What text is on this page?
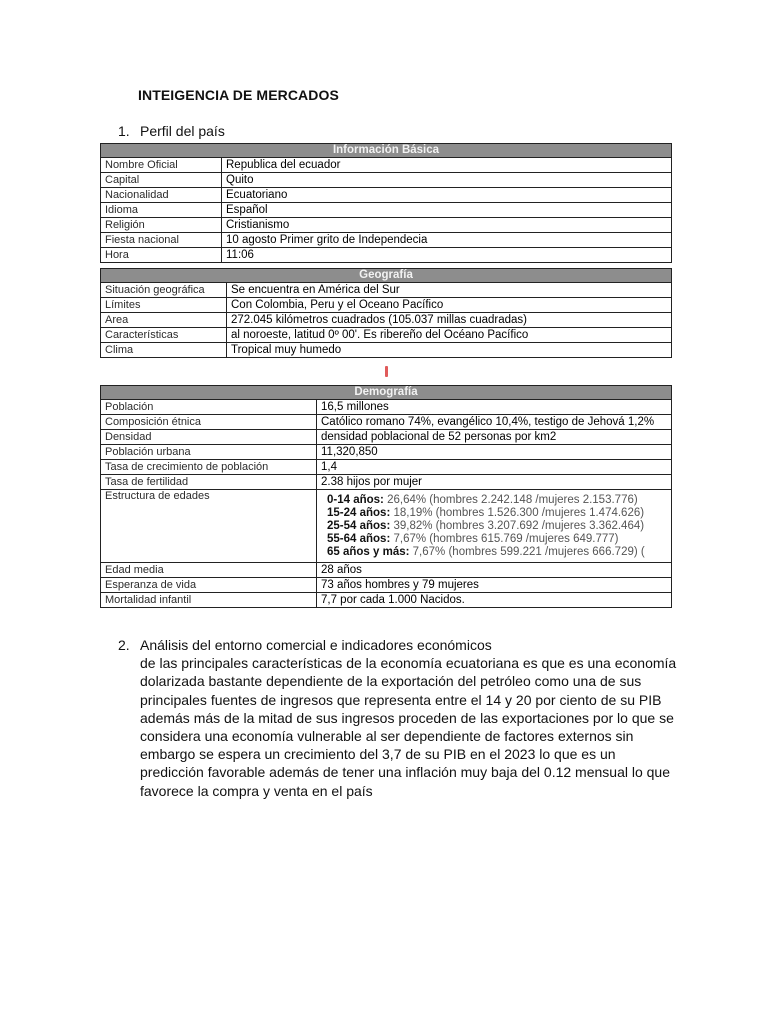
INTEIGENCIA DE MERCADOS
1. Perfil del país
Información Básica	
Nombre Oficial	Republica del ecuador
Capital	Quito
Nacionalidad	Ecuatoriano
Idioma	Español
Religión	Cristianismo
Fiesta nacional	10 agosto Primer grito de Independecia
Hora	11:06
Geografía	
Situación geográfica	Se encuentra en América del Sur
Límites	Con Colombia, Peru y el Oceano Pacífico
Area	272.045 kilómetros cuadrados (105.037 millas cuadradas)
Características	al noroeste, latitud 0º 00'. Es ribereño del Océano Pacífico
Clima	Tropical muy humedo
Demografía	
Población	16,5 millones
Composición étnica	Católico romano 74%, evangélico 10,4%, testigo de Jehová 1,2%
Densidad	densidad poblacional de 52 personas por km2
Población urbana	11,320,850
Tasa de crecimiento de población	1,4
Tasa de fertilidad	2.38 hijos por mujer
Estructura de edades	0-14 años: 26,64% (hombres 2.242.148 /mujeres 2.153.776)
15-24 años: 18,19% (hombres 1.526.300 /mujeres 1.474.626)
25-54 años: 39,82% (hombres 3.207.692 /mujeres 3.362.464)
55-64 años: 7,67% (hombres 615.769 /mujeres 649.777)
65 años y más: 7,67% (hombres 599.221 /mujeres 666.729) (

Edad media	28 años
Esperanza de vida	73 años hombres y 79 mujeres
Mortalidad infantil	7,7 por cada 1.000 Nacidos.
2. Análisis del entorno comercial e indicadores económicos
de las principales características de la economía ecuatoriana es que es una economía dolarizada bastante dependiente de la exportación del petróleo como una de sus principales fuentes de ingresos que representa entre el 14 y 20 por ciento de su PIB además más de la mitad de sus ingresos proceden de las exportaciones por lo que se considera una economía vulnerable al ser dependiente de factores externos sin embargo se espera un crecimiento del 3,7 de su PIB en el 2023 lo que es un predicción favorable además de tener una inflación muy baja del 0.12 mensual lo que favorece la compra y venta en el país
